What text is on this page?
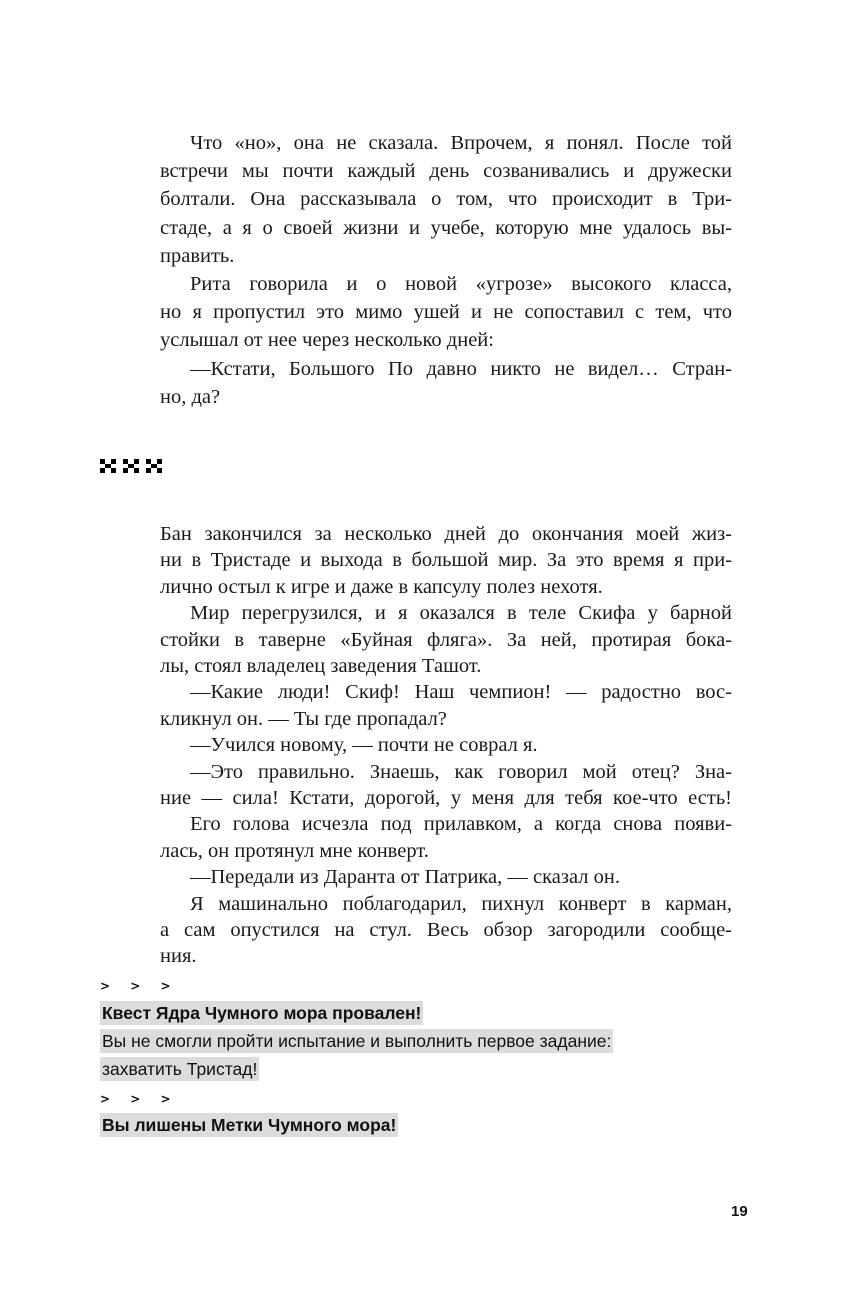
Что «но», она не сказала. Впрочем, я понял. После той
встречи мы почти каждый день созванивались и дружески
болтали. Она рассказывала о том, что происходит в Три-
стаде, а я о своей жизни и учебе, которую мне удалось вы-
править.
Рита говорила и о новой «угрозе» высокого класса,
но я пропустил это мимо ушей и не сопоставил с тем, что
услышал от нее через несколько дней:
—Кстати, Большого По давно никто не видел… Стран-
но, да?
Бан закончился за несколько дней до окончания моей жиз-
ни в Тристаде и выхода в большой мир. За это время я при-
лично остыл к игре и даже в капсулу полез нехотя.
Мир перегрузился, и я оказался в теле Скифа у барной
стойки в таверне «Буйная фляга». За ней, протирая бока-
лы, стоял владелец заведения Ташот.
—Какие люди! Скиф! Наш чемпион! — радостно вос-
кликнул он. — Ты где пропадал?
—Учился новому, — почти не соврал я.
—Это правильно. Знаешь, как говорил мой отец? Зна-
ние — сила! Кстати, дорогой, у меня для тебя кое-что есть!
Его голова исчезла под прилавком, а когда снова появи-
лась, он протянул мне конверт.
—Передали из Даранта от Патрика, — сказал он.
Я машинально поблагодарил, пихнул конверт в карман,
а сам опустился на стул. Весь обзор загородили сообще-
ния.
> > >
Квест Ядра Чумного мора провален!
Вы не смогли пройти испытание и выполнить первое задание:
захватить Тристад!
> > >
Вы лишены Метки Чумного мора!
19
